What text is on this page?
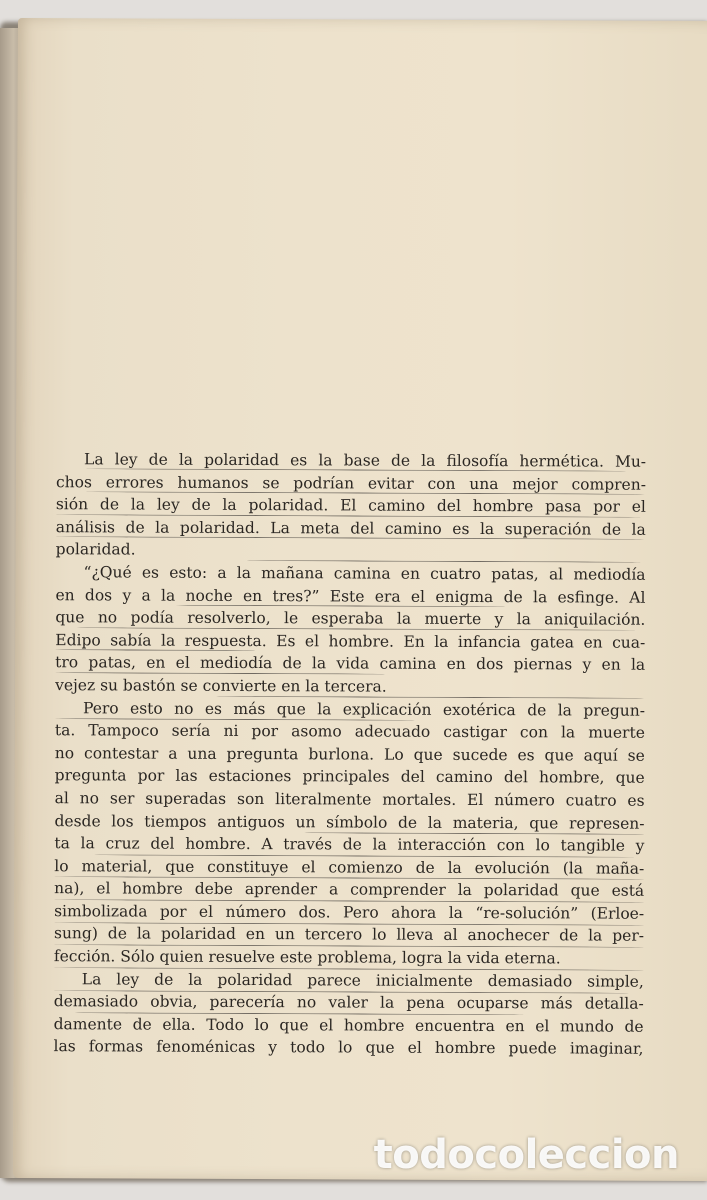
La ley de la polaridad es la base de la filosofía hermética. Mu-
chos errores humanos se podrían evitar con una mejor compren-
sión de la ley de la polaridad. El camino del hombre pasa por el
análisis de la polaridad. La meta del camino es la superación de la
polaridad.

“¿Qué es esto: a la mañana camina en cuatro patas, al mediodía
en dos y a la noche en tres?” Este era el enigma de la esfinge. Al
que no podía resolverlo, le esperaba la muerte y la aniquilación.
Edipo sabía la respuesta. Es el hombre. En la infancia gatea en cua-
tro patas, en el mediodía de la vida camina en dos piernas y en la
vejez su bastón se convierte en la tercera.

Pero esto no es más que la explicación exotérica de la pregun-
ta. Tampoco sería ni por asomo adecuado castigar con la muerte
no contestar a una pregunta burlona. Lo que sucede es que aquí se
pregunta por las estaciones principales del camino del hombre, que
al no ser superadas son literalmente mortales. El número cuatro es
desde los tiempos antiguos un símbolo de la materia, que represen-
ta la cruz del hombre. A través de la interacción con lo tangible y
lo material, que constituye el comienzo de la evolución (la maña-
na), el hombre debe aprender a comprender la polaridad que está
simbolizada por el número dos. Pero ahora la “re-solución” (Erloe-
sung) de la polaridad en un tercero lo lleva al anochecer de la per-
fección. Sólo quien resuelve este problema, logra la vida eterna.

La ley de la polaridad parece inicialmente demasiado simple,
demasiado obvia, parecería no valer la pena ocuparse más detalla-
damente de ella. Todo lo que el hombre encuentra en el mundo de
las formas fenoménicas y todo lo que el hombre puede imaginar,

todocoleccion
